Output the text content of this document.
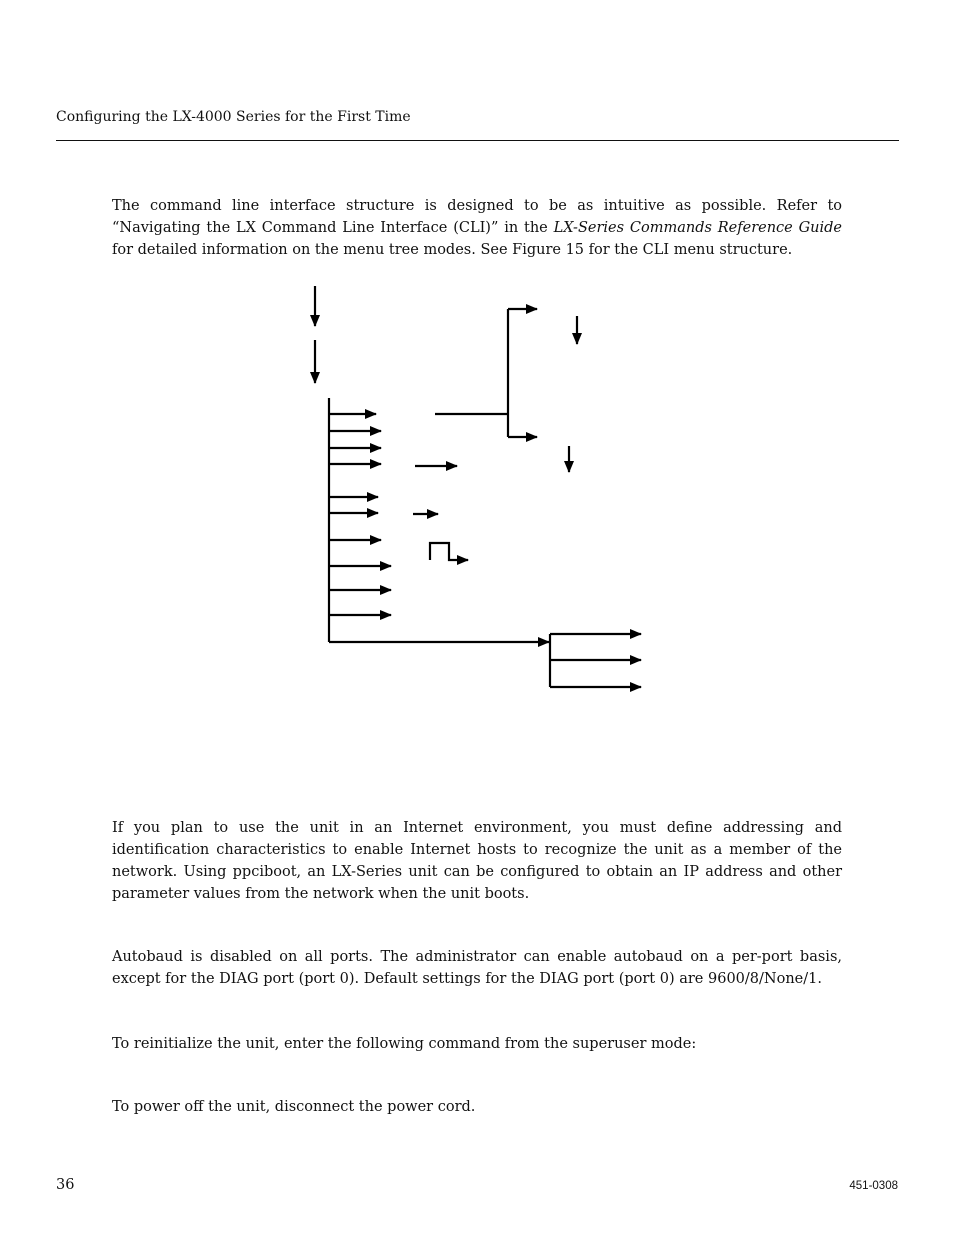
Configuring the LX-4000 Series for the First Time

The command line interface structure is designed to be as intuitive as possible. Refer to “Navigating the LX Command Line Interface (CLI)” in the LX-Series Commands Reference Guide for detailed information on the menu tree modes. See Figure 15 for the CLI menu structure.

If you plan to use the unit in an Internet environment, you must define addressing and identification characteristics to enable Internet hosts to recognize the unit as a member of the network. Using ppciboot, an LX-Series unit can be configured to obtain an IP address and other parameter values from the network when the unit boots.

Autobaud is disabled on all ports. The administrator can enable autobaud on a per-port basis, except for the DIAG port (port 0). Default settings for the DIAG port (port 0) are 9600/8/None/1.

To reinitialize the unit, enter the following command from the superuser mode:

To power off the unit, disconnect the power cord.

36	451-0308
